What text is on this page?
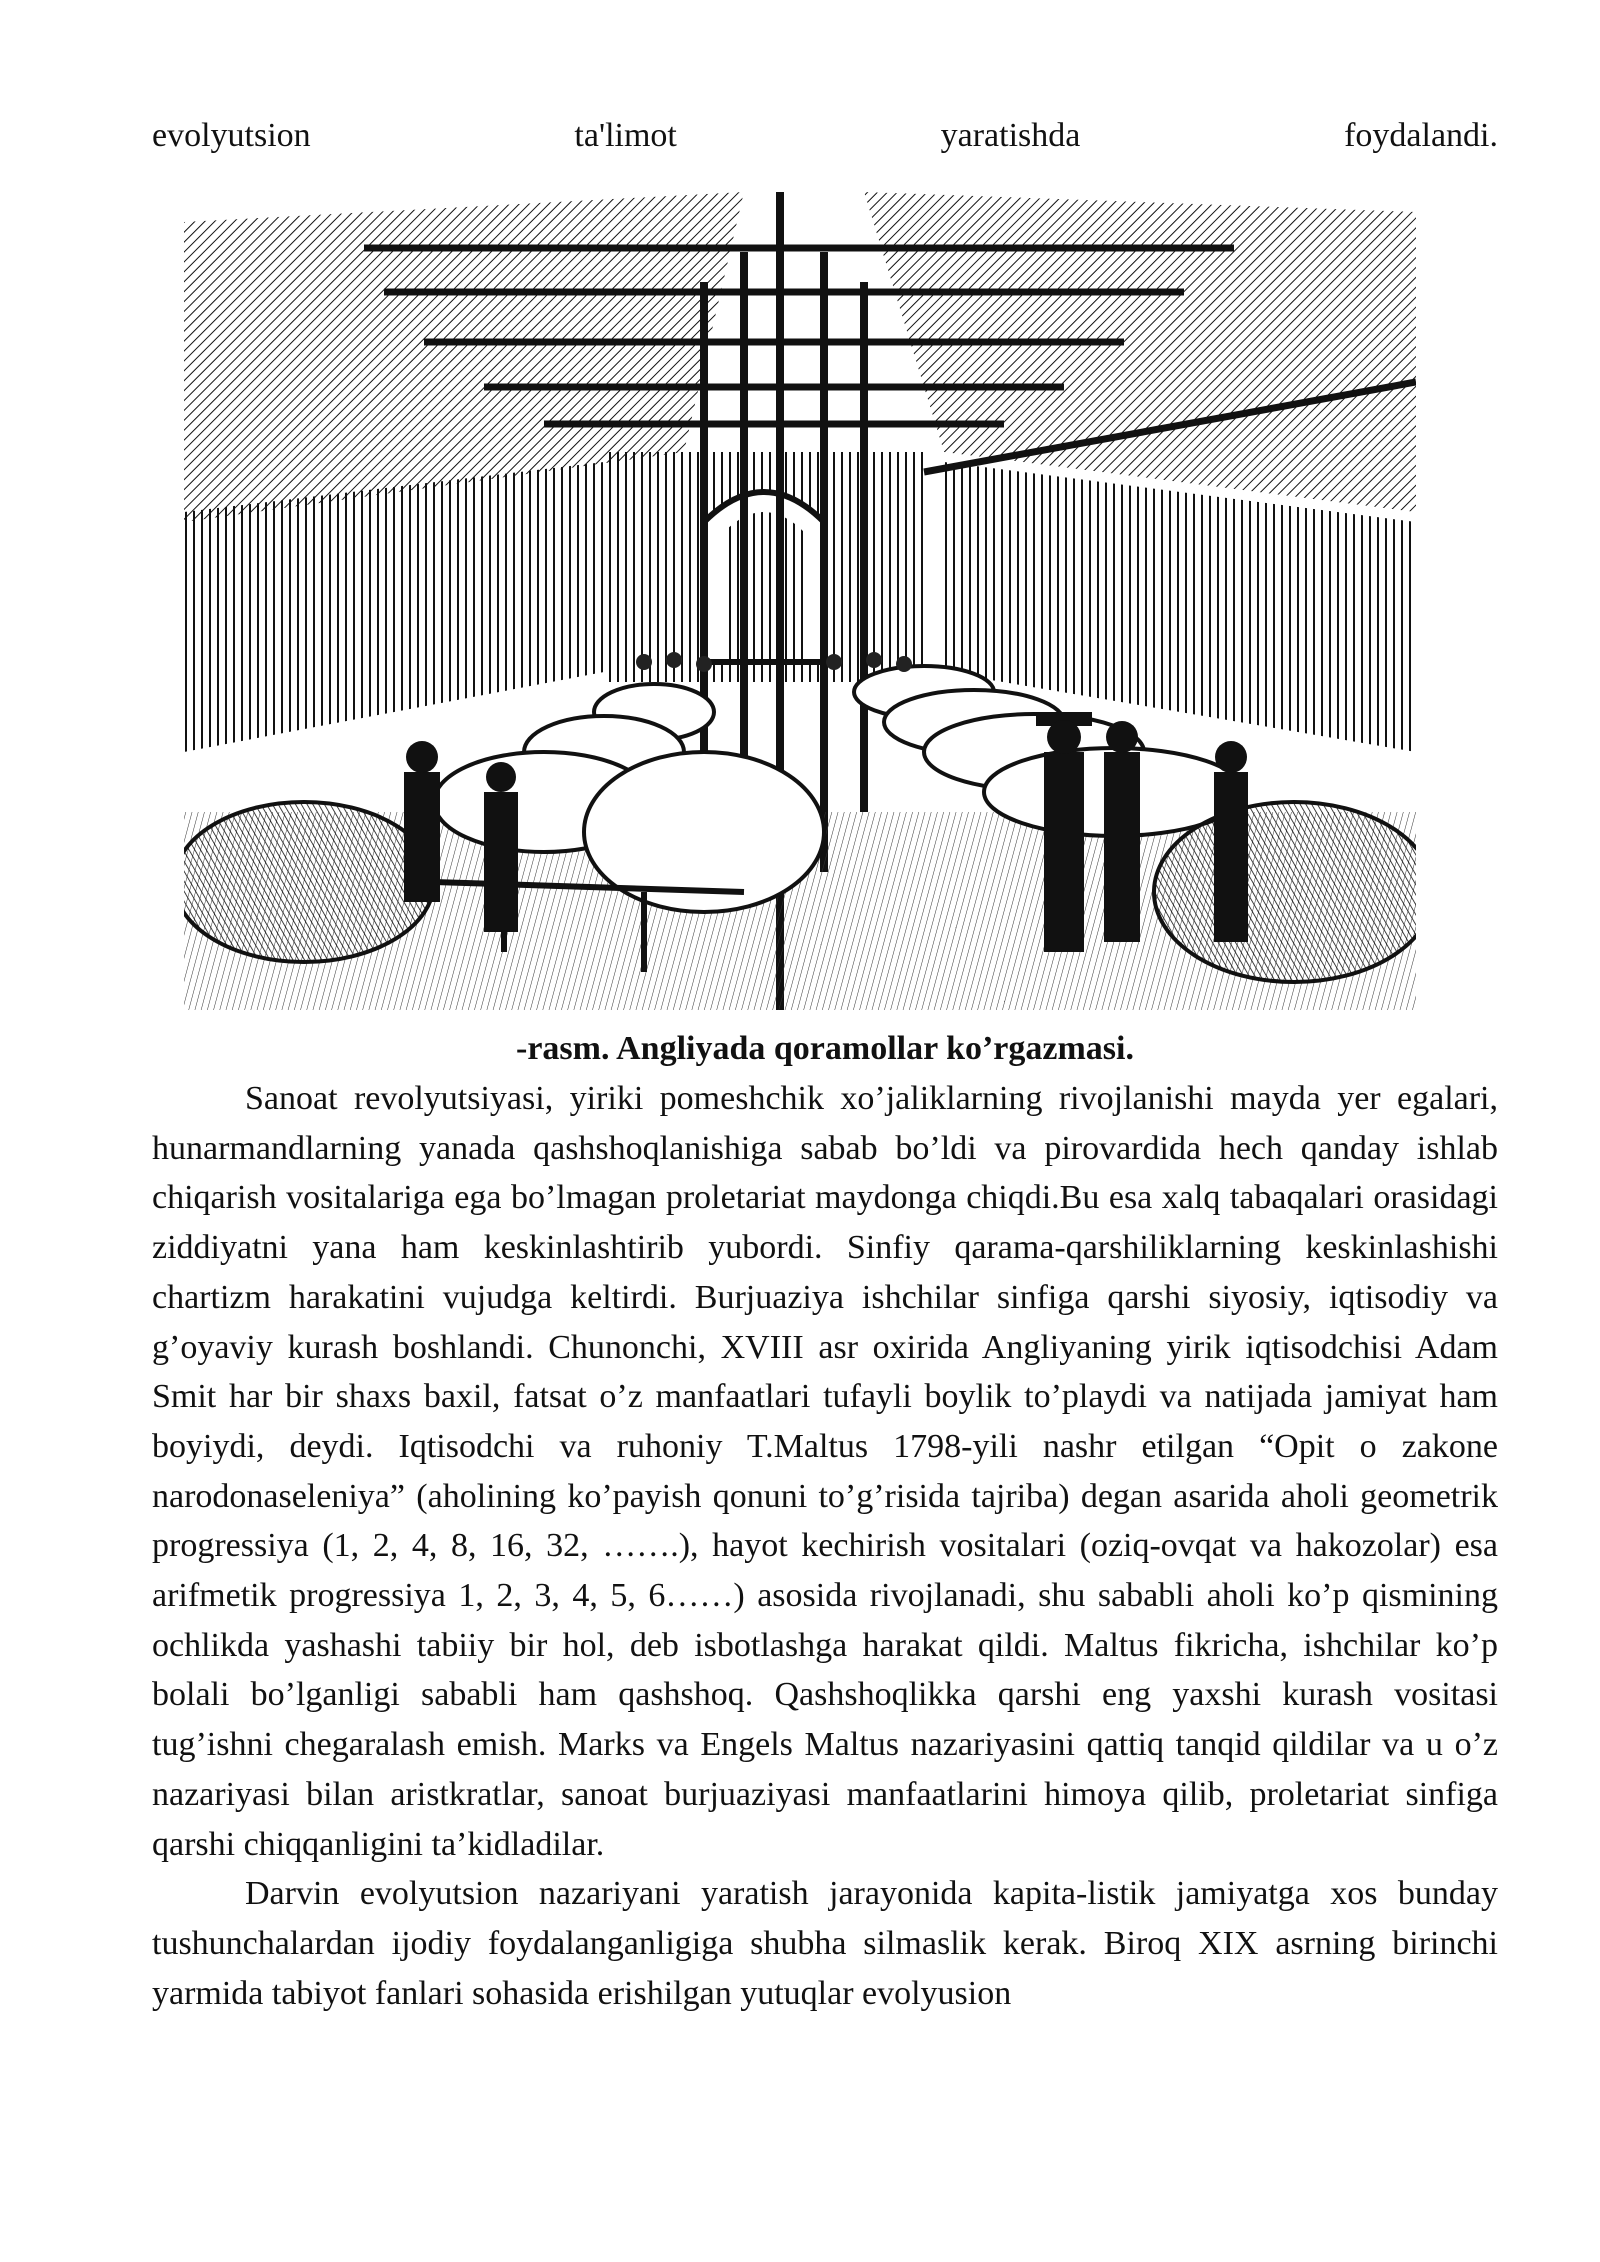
evolyutsion	ta'limot	yaratishda	foydalandi.
-rasm. Angliyada qoramollar ko’rgazmasi.

Sanoat revolyutsiyasi, yiriki pomeshchik xo’jaliklarning rivojlanishi mayda yer egalari, hunarmandlarning yanada qashshoqlanishiga sabab bo’ldi va pirovardida hech qanday ishlab chiqarish vositalariga ega bo’lmagan proletariat maydonga chiqdi.Bu esa xalq tabaqalari orasidagi ziddiyatni yana ham keskinlashtirib yubordi. Sinfiy qarama-qarshiliklarning keskinlashishi chartizm harakatini vujudga keltirdi. Burjuaziya ishchilar sinfiga qarshi siyosiy, iqtisodiy va g’oyaviy kurash boshlandi. Chunonchi, XVIII asr oxirida Angliyaning yirik iqtisodchisi Adam Smit har bir shaxs baxil, fatsat o’z manfaatlari tufayli boylik to’playdi va natijada jamiyat ham boyiydi, deydi. Iqtisodchi va ruhoniy T.Maltus 1798-yili nashr etilgan “Opit o zakone narodonaseleniya” (aholining ko’payish qonuni to’g’risida tajriba) degan asarida aholi geometrik progressiya (1, 2, 4, 8, 16, 32, …….), hayot kechirish vositalari (oziq-ovqat va hakozolar) esa arifmetik progressiya 1, 2, 3, 4, 5, 6……) asosida rivojlanadi, shu sababli aholi ko’p qismining ochlikda yashashi tabiiy bir hol, deb isbotlashga harakat qildi. Maltus fikricha, ishchilar ko’p bolali bo’lganligi sababli ham qashshoq. Qashshoqlikka qarshi eng yaxshi kurash vositasi tug’ishni chegaralash emish. Marks va Engels Maltus nazariyasini qattiq tanqid qildilar va u o’z nazariyasi bilan aristkratlar, sanoat burjuaziyasi manfaatlarini himoya qilib, proletariat sinfiga qarshi chiqqanligini ta’kidladilar.

Darvin evolyutsion nazariyani yaratish jarayonida kapita-listik jamiyatga xos bunday tushunchalardan ijodiy foydalanganligiga shubha silmaslik kerak. Biroq XIX asrning birinchi yarmida tabiyot fanlari sohasida erishilgan yutuqlar evolyusion
